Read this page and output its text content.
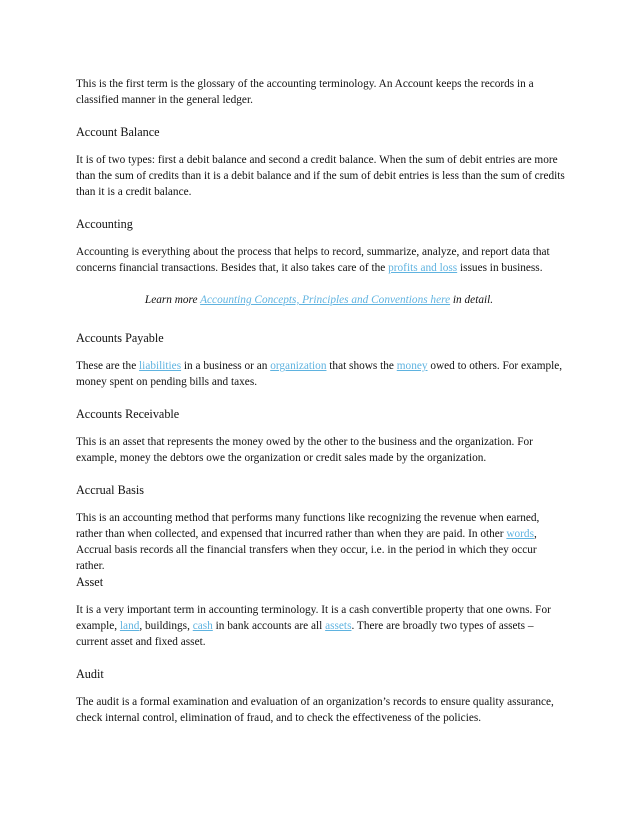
This is the first term is the glossary of the accounting terminology. An Account keeps the records in a classified manner in the general ledger.

Account Balance

It is of two types: first a debit balance and second a credit balance. When the sum of debit entries are more than the sum of credits than it is a debit balance and if the sum of debit entries is less than the sum of credits than it is a credit balance.

Accounting

Accounting is everything about the process that helps to record, summarize, analyze, and report data that concerns financial transactions. Besides that, it also takes care of the profits and loss issues in business.

Learn more Accounting Concepts, Principles and Conventions here in detail.

Accounts Payable

These are the liabilities in a business or an organization that shows the money owed to others. For example, money spent on pending bills and taxes.

Accounts Receivable

This is an asset that represents the money owed by the other to the business and the organization. For example, money the debtors owe the organization or credit sales made by the organization.

Accrual Basis

This is an accounting method that performs many functions like recognizing the revenue when earned, rather than when collected, and expensed that incurred rather than when they are paid. In other words, Accrual basis records all the financial transfers when they occur, i.e. in the period in which they occur rather.

Asset

It is a very important term in accounting terminology. It is a cash convertible property that one owns. For example, land, buildings, cash in bank accounts are all assets. There are broadly two types of assets – current asset and fixed asset.

Audit

The audit is a formal examination and evaluation of an organization’s records to ensure quality assurance, check internal control, elimination of fraud, and to check the effectiveness of the policies.
